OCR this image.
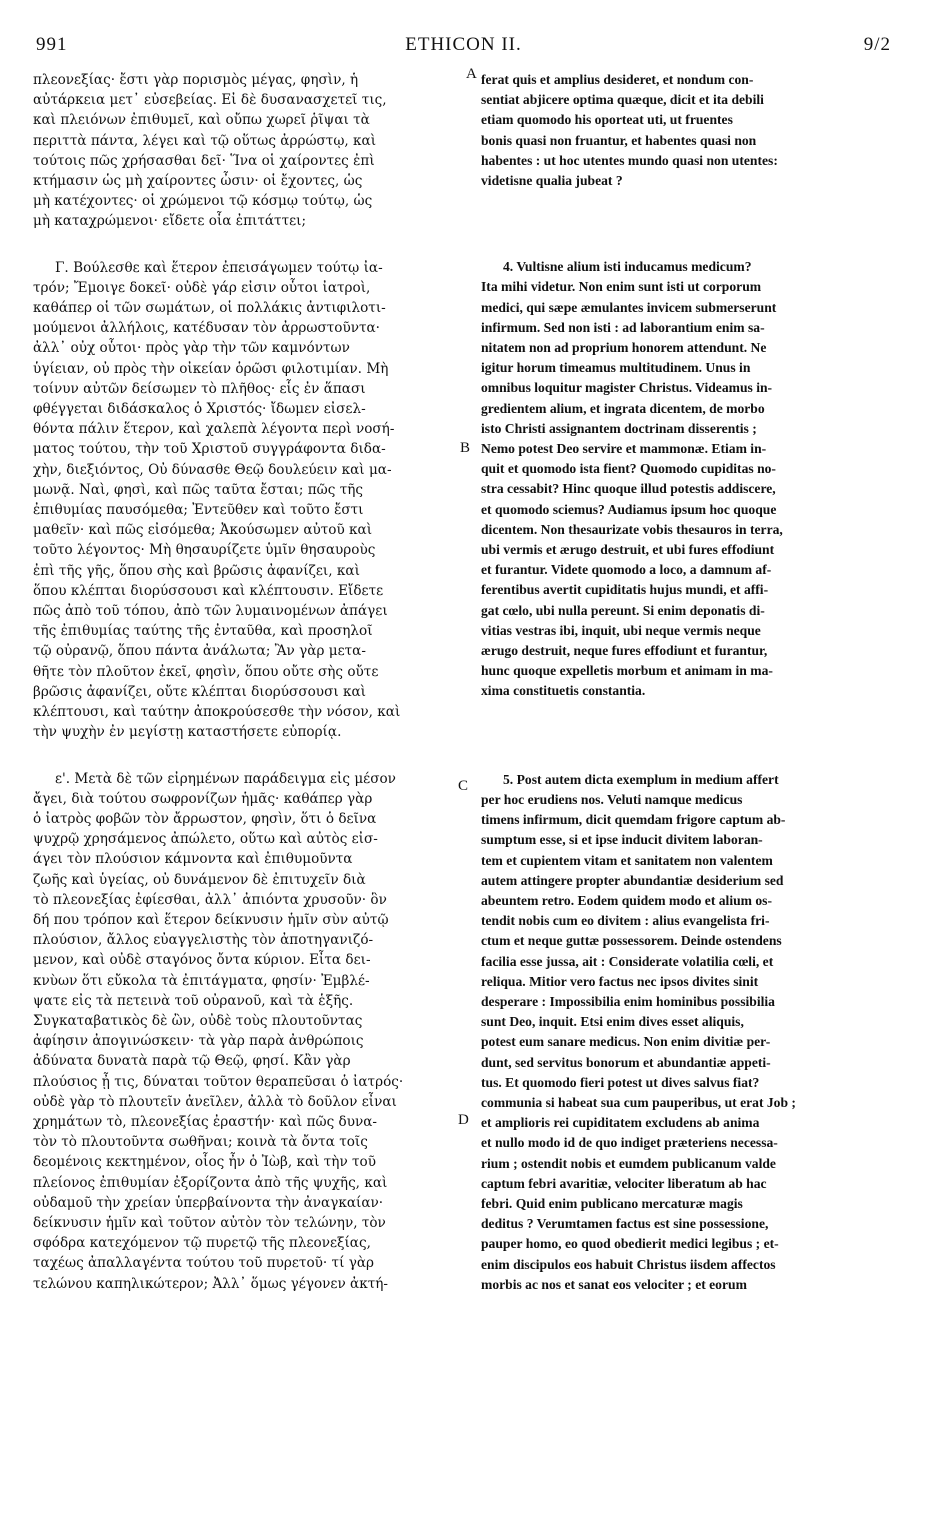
991	ΕΤΗΙCΟΝ ΙΙ.	9/2
A
B
C
D
πλεονεξίας· ἔστι γὰρ πορισμὸς μέγας, φησὶν, ἡ
αὐτάρκεια μετ᾽ εὐσεβείας. Εἰ δὲ δυσανασχετεῖ τις,
καὶ πλειόνων ἐπιθυμεῖ, καὶ οὔπω χωρεῖ ῥῖψαι τὰ
περιττὰ πάντα, λέγει καὶ τῷ οὕτως ἀρρώστῳ, καὶ
τούτοις πῶς χρήσασθαι δεῖ· Ἵνα οἱ χαίροντες ἐπὶ
κτήμασιν ὡς μὴ χαίροντες ὦσιν· οἱ ἔχοντες, ὡς
μὴ κατέχοντες· οἱ χρώμενοι τῷ κόσμῳ τούτῳ, ὡς
μὴ καταχρώμενοι· εἴδετε οἷα ἐπιτάττει;
Γ. Βούλεσθε καὶ ἕτερον ἐπεισάγωμεν τούτῳ ἰα-
τρόν; Ἔμοιγε δοκεῖ· οὐδὲ γάρ εἰσιν οὗτοι ἰατροὶ,
καθάπερ οἱ τῶν σωμάτων, οἱ πολλάκις ἀντιφιλοτι-
μούμενοι ἀλλήλοις, κατέδυσαν τὸν ἀρρωστοῦντα·
ἀλλ᾽ οὐχ οὗτοι· πρὸς γὰρ τὴν τῶν καμνόντων
ὑγίειαν, οὐ πρὸς τὴν οἰκείαν ὁρῶσι φιλοτιμίαν. Μὴ
τοίνυν αὐτῶν δείσωμεν τὸ πλῆθος· εἷς ἐν ἅπασι
φθέγγεται διδάσκαλος ὁ Χριστός· ἴδωμεν εἰσελ-
θόντα πάλιν ἕτερον, καὶ χαλεπὰ λέγοντα περὶ νοσή-
ματος τούτου, τὴν τοῦ Χριστοῦ συγγράφοντα διδα-
χὴν, διεξιόντος, Οὐ δύνασθε Θεῷ δουλεύειν καὶ μα-
μωνᾷ. Ναὶ, φησὶ, καὶ πῶς ταῦτα ἔσται; πῶς τῆς
ἐπιθυμίας παυσόμεθα; Ἐντεῦθεν καὶ τοῦτο ἔστι
μαθεῖν· καὶ πῶς εἰσόμεθα; Ἀκούσωμεν αὐτοῦ καὶ
τοῦτο λέγοντος· Μὴ θησαυρίζετε ὑμῖν θησαυροὺς
ἐπὶ τῆς γῆς, ὅπου σὴς καὶ βρῶσις ἀφανίζει, καὶ
ὅπου κλέπται διορύσσουσι καὶ κλέπτουσιν. Εἴδετε
πῶς ἀπὸ τοῦ τόπου, ἀπὸ τῶν λυμαινομένων ἀπάγει
τῆς ἐπιθυμίας ταύτης τῆς ἐνταῦθα, καὶ προσηλοῖ
τῷ οὐρανῷ, ὅπου πάντα ἀνάλωτα; Ἂν γὰρ μετα-
θῆτε τὸν πλοῦτον ἐκεῖ, φησὶν, ὅπου οὔτε σὴς οὔτε
βρῶσις ἀφανίζει, οὔτε κλέπται διορύσσουσι καὶ
κλέπτουσι, καὶ ταύτην ἀποκρούσεσθε τὴν νόσον, καὶ
τὴν ψυχὴν ἐν μεγίστῃ καταστήσετε εὐπορίᾳ.
ε'. Μετὰ δὲ τῶν εἰρημένων παράδειγμα εἰς μέσον
ἄγει, διὰ τούτου σωφρονίζων ἡμᾶς· καθάπερ γὰρ
ὁ ἰατρὸς φοβῶν τὸν ἄρρωστον, φησὶν, ὅτι ὁ δεῖνα
ψυχρῷ χρησάμενος ἀπώλετο, οὕτω καὶ αὐτὸς εἰσ-
άγει τὸν πλούσιον κάμνοντα καὶ ἐπιθυμοῦντα
ζωῆς καὶ ὑγείας, οὐ δυνάμενον δὲ ἐπιτυχεῖν διὰ
τὸ πλεονεξίας ἐφίεσθαι, ἀλλ᾽ ἀπιόντα χρυσοῦν· ὃν
δή που τρόπον καὶ ἕτερον δείκνυσιν ἡμῖν σὺν αὐτῷ
πλούσιον, ἄλλος εὐαγγελιστὴς τὸν ἀποτηγανιζό-
μενον, καὶ οὐδὲ σταγόνος ὄντα κύριον. Εἶτα δει-
κνὺων ὅτι εὔκολα τὰ ἐπιτάγματα, φησίν· Ἐμβλέ-
ψατε εἰς τὰ πετεινὰ τοῦ οὐρανοῦ, καὶ τὰ ἑξῆς.
Συγκαταβατικὸς δὲ ὢν, οὐδὲ τοὺς πλουτοῦντας
ἀφίησιν ἀπογινώσκειν· τὰ γὰρ παρὰ ἀνθρώποις
ἀδύνατα δυνατὰ παρὰ τῷ Θεῷ, φησί. Κἂν γὰρ
πλούσιος ᾖ τις, δύναται τοῦτον θεραπεῦσαι ὁ ἰατρός·
οὐδὲ γὰρ τὸ πλουτεῖν ἀνεῖλεν, ἀλλὰ τὸ δοῦλον εἶναι
χρημάτων τὸ, πλεονεξίας ἐραστήν· καὶ πῶς δυνα-
τὸν τὸ πλουτοῦντα σωθῆναι; κοινὰ τὰ ὄντα τοῖς
δεομένοις κεκτημένον, οἷος ἦν ὁ Ἰὼβ, καὶ τὴν τοῦ
πλείονος ἐπιθυμίαν ἐξορίζοντα ἀπὸ τῆς ψυχῆς, καὶ
οὐδαμοῦ τὴν χρείαν ὑπερβαίνοντα τὴν ἀναγκαίαν·
δείκνυσιν ἡμῖν καὶ τοῦτον αὐτὸν τὸν τελώνην, τὸν
σφόδρα κατεχόμενον τῷ πυρετῷ τῆς πλεονεξίας,
ταχέως ἀπαλλαγέντα τούτου τοῦ πυρετοῦ· τί γὰρ
τελώνου καπηλικώτερον; Ἀλλ᾽ ὅμως γέγονεν ἀκτή-
ferat quis et amplius desideret, et nondum con-
sentiat abjicere optima quæque, dicit et ita debili
etiam quomodo his oporteat uti, ut fruentes
bonis quasi non fruantur, et habentes quasi non
habentes : ut hoc utentes mundo quasi non utentes:
videtisne qualia jubeat ?
4. Vultisne alium isti inducamus medicum?
Ita mihi videtur. Non enim sunt isti ut corporum
medici, qui sæpe æmulantes invicem submerserunt
infirmum. Sed non isti : ad laborantium enim sa-
nitatem non ad proprium honorem attendunt. Ne
igitur horum timeamus multitudinem. Unus in
omnibus loquitur magister Christus. Videamus in-
gredientem alium, et ingrata dicentem, de morbo
isto Christi assignantem doctrinam disserentis ;
Nemo potest Deo servire et mammonæ. Etiam in-
quit et quomodo ista fient? Quomodo cupiditas no-
stra cessabit? Hinc quoque illud potestis addiscere,
et quomodo sciemus? Audiamus ipsum hoc quoque
dicentem. Non thesaurizate vobis thesauros in terra,
ubi vermis et ærugo destruit, et ubi fures effodiunt
et furantur. Videte quomodo a loco, a damnum af-
ferentibus avertit cupiditatis hujus mundi, et affi-
gat cœlo, ubi nulla pereunt. Si enim deponatis di-
vitias vestras ibi, inquit, ubi neque vermis neque
ærugo destruit, neque fures effodiunt et furantur,
hunc quoque expelletis morbum et animam in ma-
xima constituetis constantia.
5. Post autem dicta exemplum in medium affert
per hoc erudiens nos. Veluti namque medicus
timens infirmum, dicit quemdam frigore captum ab-
sumptum esse, si et ipse inducit divitem laboran-
tem et cupientem vitam et sanitatem non valentem
autem attingere propter abundantiæ desiderium sed
abeuntem retro. Eodem quidem modo et alium os-
tendit nobis cum eo divitem : alius evangelista fri-
ctum et neque guttæ possessorem. Deinde ostendens
facilia esse jussa, ait : Considerate volatilia cœli, et
reliqua. Mitior vero factus nec ipsos divites sinit
desperare : Impossibilia enim hominibus possibilia
sunt Deo, inquit. Etsi enim dives esset aliquis,
potest eum sanare medicus. Non enim divitiæ per-
dunt, sed servitus bonorum et abundantiæ appeti-
tus. Et quomodo fieri potest ut dives salvus fiat?
communia si habeat sua cum pauperibus, ut erat Job ;
et amplioris rei cupiditatem excludens ab anima
et nullo modo id de quo indiget præteriens necessa-
rium ; ostendit nobis et eumdem publicanum valde
captum febri avaritiæ, velociter liberatum ab hac
febri. Quid enim publicano mercaturæ magis
deditus ? Verumtamen factus est sine possessione,
pauper homo, eo quod obedierit medici legibus ; et-
enim discipulos eos habuit Christus iisdem affectos
morbis ac nos et sanat eos velociter ; et eorum
